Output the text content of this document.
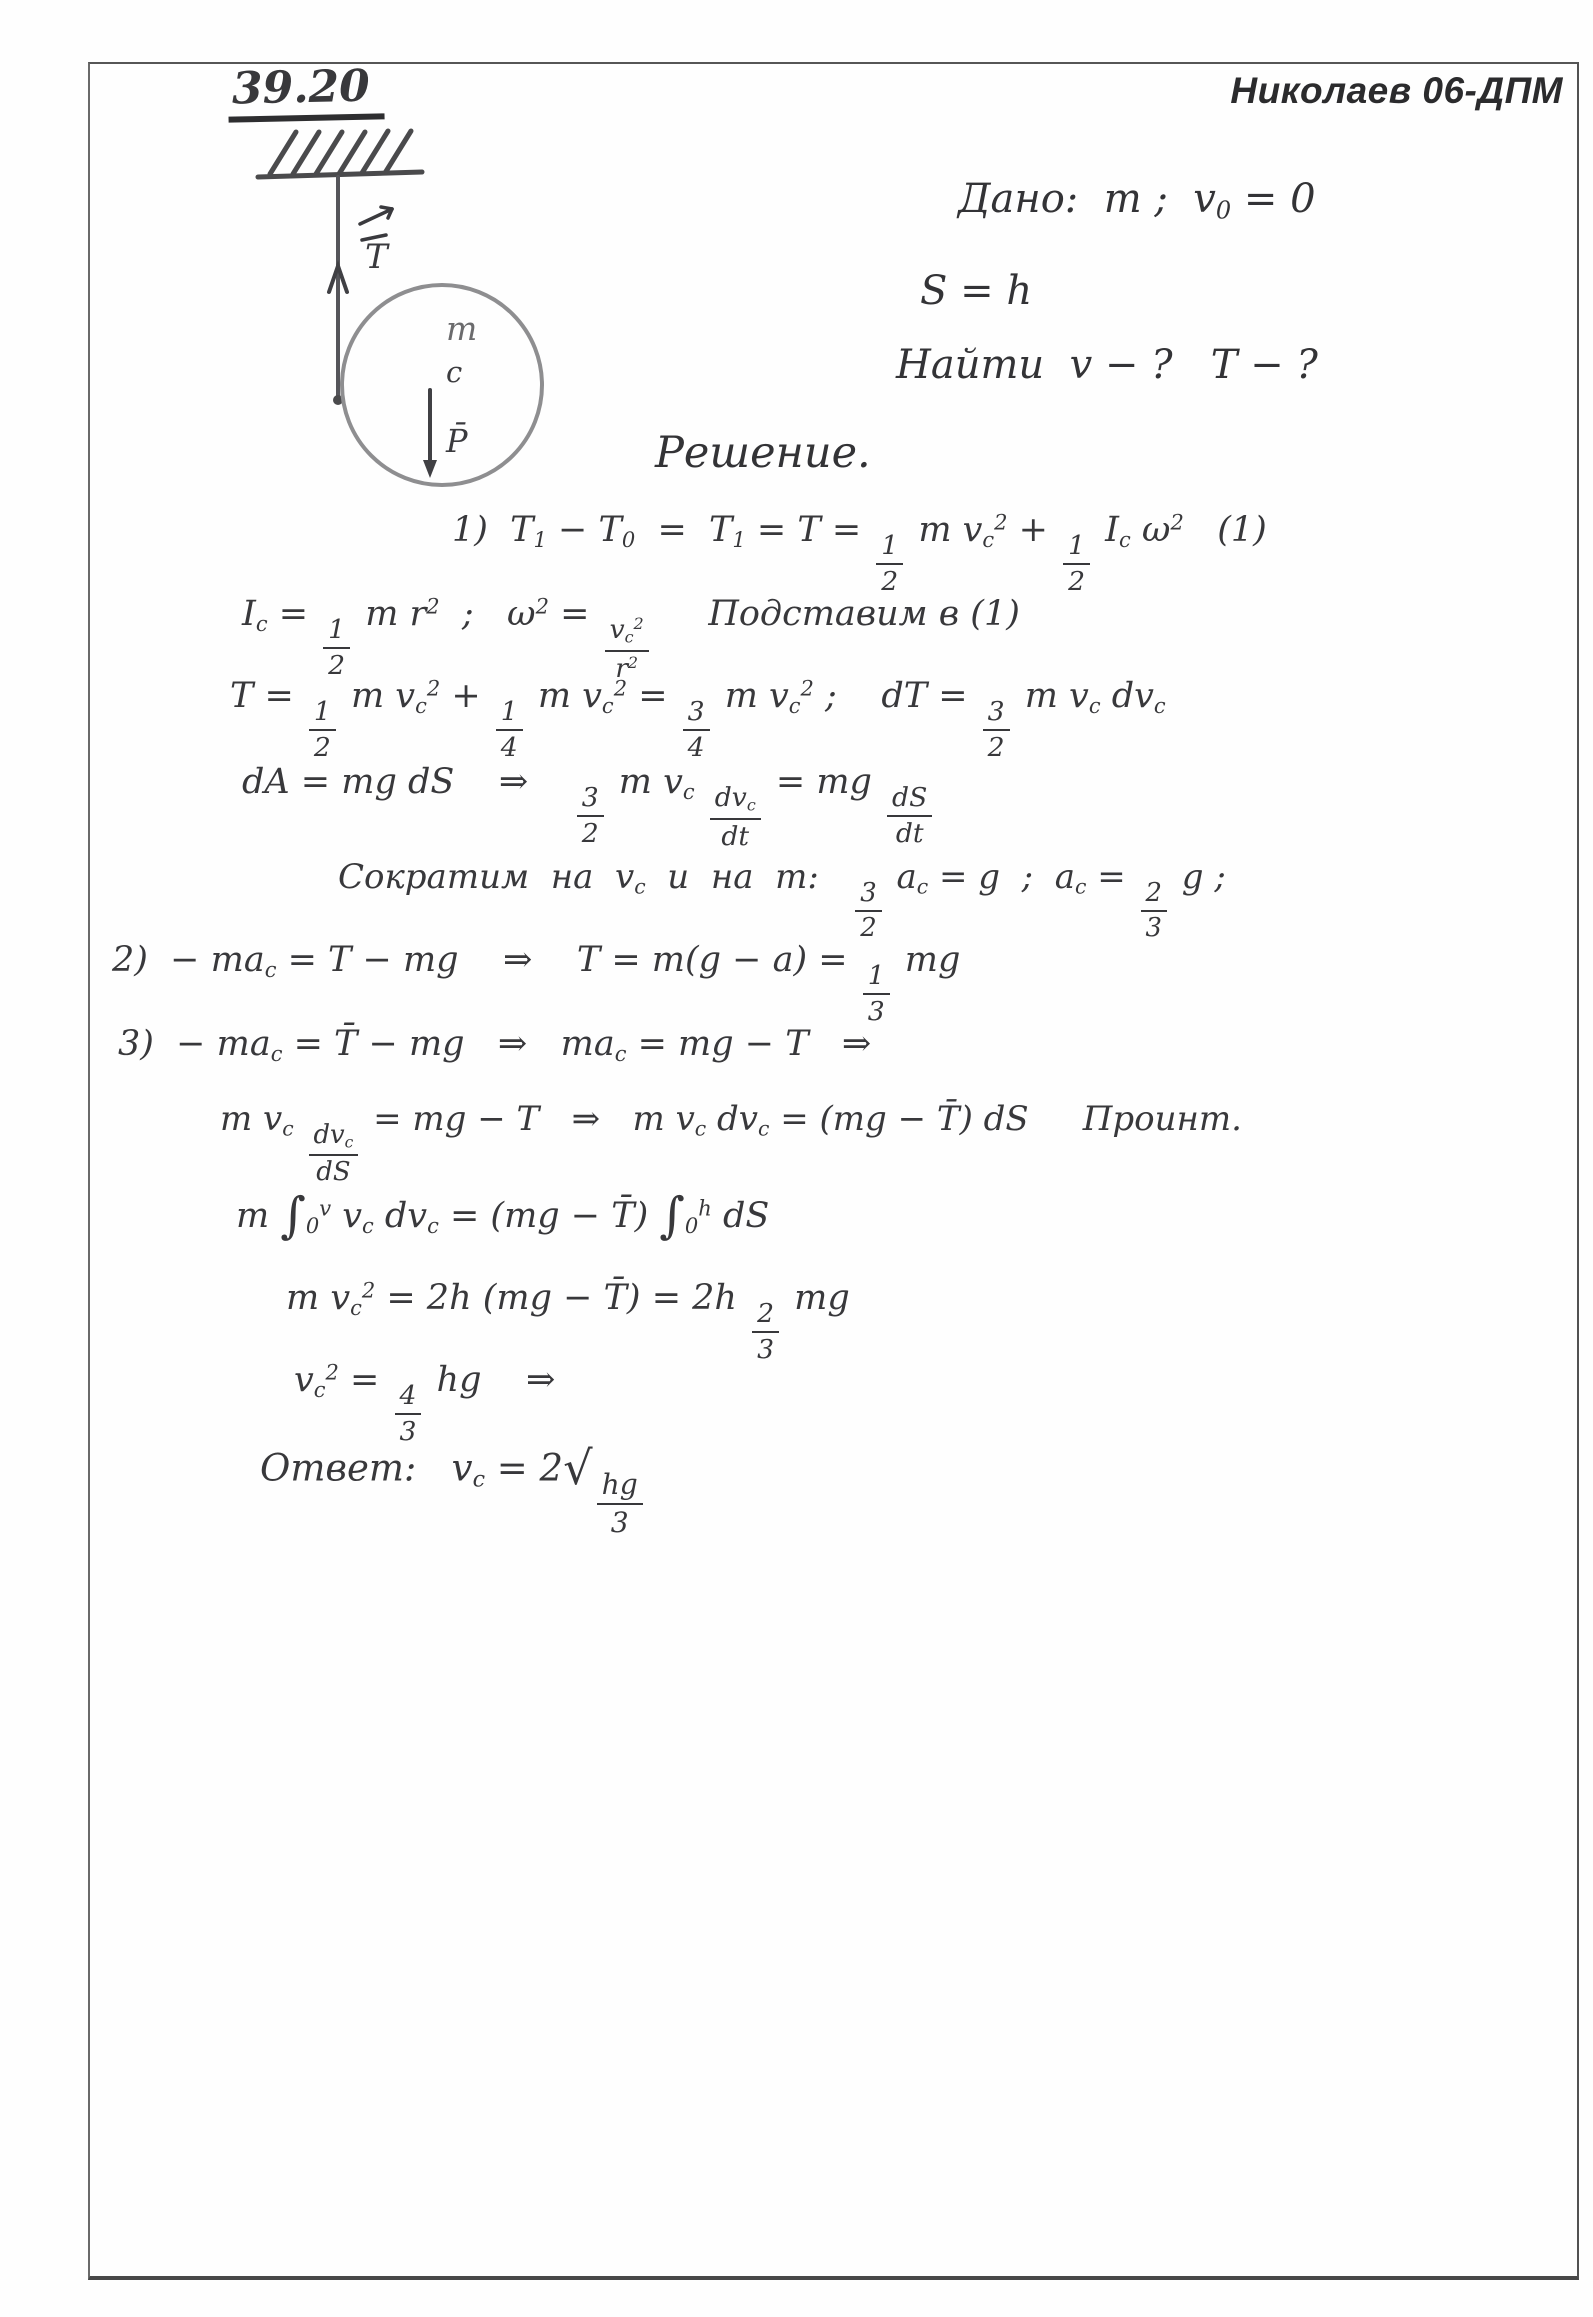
Николаев 06-ДПМ
39.20
T
m
c
P̄
Дано:  m ;  $v_0 = 0$
S = h
Найти  v − ?   T − ?
Решение.
1)  $T_1 - T_0 = T_1 = T$ =
$\frac{1}{2}$
m $v_c^2$ +
$\frac{1}{2}$
$I_c$ $\omega^2$   (1)
$I_c$ =
$\frac{1}{2}$
m $r^2$  ;   $\omega^2$ =
$\frac{v_c^2}{r^2}$
Подставим в (1)
T =
$\frac{1}{2}$
m $v_c^2$ +
$\frac{1}{4}$
m $v_c^2$ =
$\frac{3}{4}$
m $v_c^2$ ;    dT =
$\frac{3}{2}$
m $v_c$ $dv_c$
dA = mg dS    ⇒
$\frac{3}{2}$
m $v_c \frac{dv_c}{dt}$
= mg
$\frac{dS}{dt}$
Сократим  на  $v_c$  и  на  m:
$\frac{3}{2}$
$a_c = g$  ;  $a_c$ =
$\frac{2}{3}$
g ;
$2) - ma_c = T$ − mg    ⇒    T = m(g − a) =
$\frac{1}{3}$
mg
$3) - ma_c$ = T̄ − mg   ⇒   $ma_c$ = mg − T   ⇒
m $v_c \frac{dv_c}{dS}$
= mg − T   ⇒   m $v_c$ $dv_c = (mg$ − T̄) dS     Проинт.
m $\int_0^v$ $v_c$ $dv_c = (mg$ − T̄) $\int_0^h$ dS
m $v_c^2 = 2h$ (mg − T̄) = 2h
$\frac{2}{3}$
mg
$v_c^2$ =
$\frac{4}{3}$
hg    ⇒
Ответ:   $v_c = 2√$
$\frac{hg}{3}$
